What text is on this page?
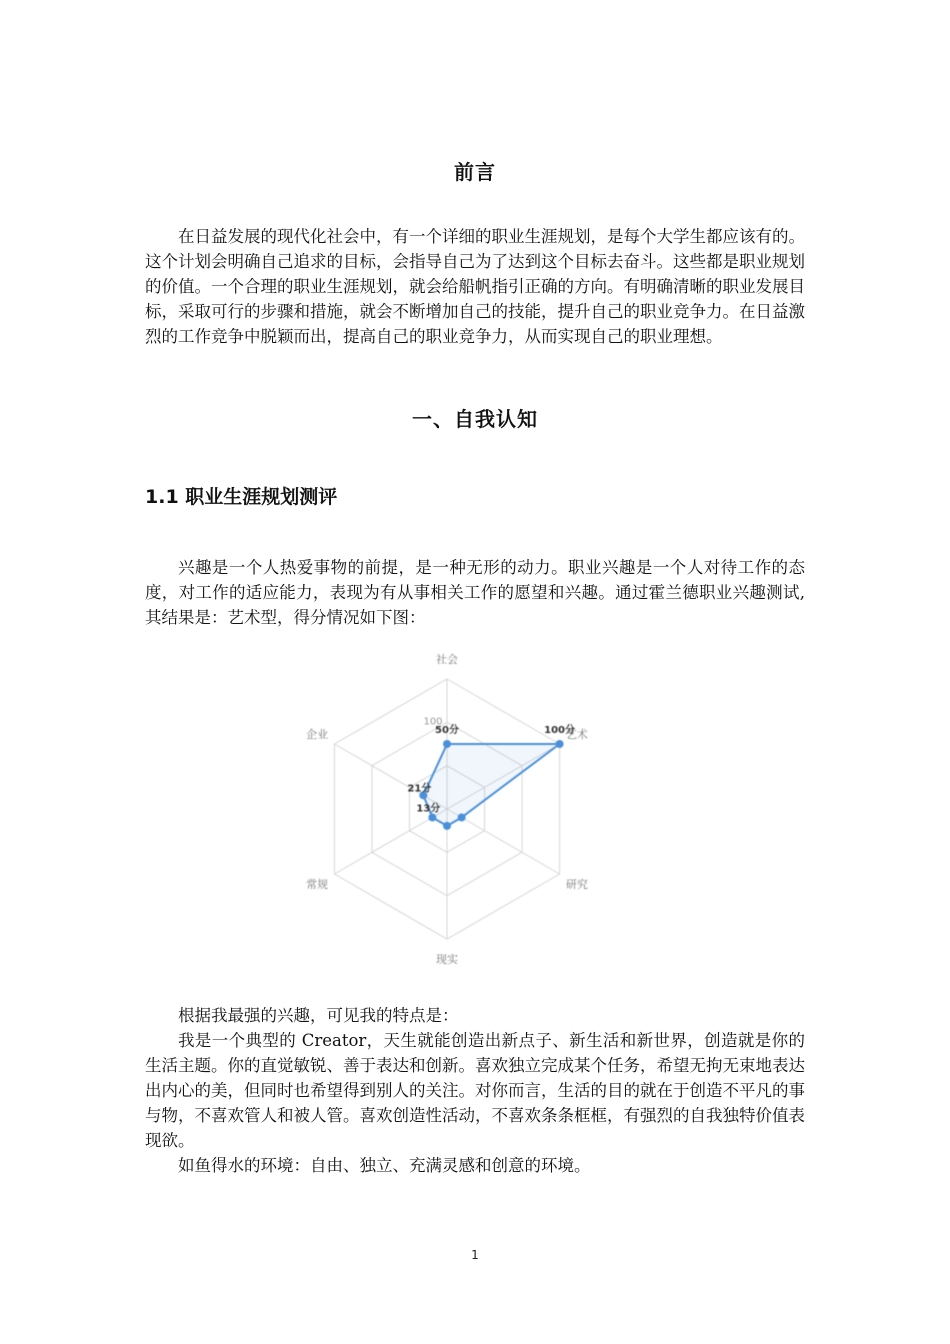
前言

在日益发展的现代化社会中，有一个详细的职业生涯规划，是每个大学生都应该有的。这个计划会明确自己追求的目标，会指导自己为了达到这个目标去奋斗。这些都是职业规划的价值。一个合理的职业生涯规划，就会给船帆指引正确的方向。有明确清晰的职业发展目标，采取可行的步骤和措施，就会不断增加自己的技能，提升自己的职业竞争力。在日益激烈的工作竞争中脱颖而出，提高自己的职业竞争力，从而实现自己的职业理想。

一、自我认知
1.1 职业生涯规划测评

兴趣是一个人热爱事物的前提，是一种无形的动力。职业兴趣是一个人对待工作的态度，对工作的适应能力，表现为有从事相关工作的愿望和兴趣。通过霍兰德职业兴趣测试, 其结果是：艺术型，得分情况如下图：

社会
艺术
研究
现实
常规
企业
100
50分	100分
21分
13分

根据我最强的兴趣，可见我的特点是：

我是一个典型的 Creator，天生就能创造出新点子、新生活和新世界，创造就是你的生活主题。你的直觉敏锐、善于表达和创新。喜欢独立完成某个任务，希望无拘无束地表达出内心的美，但同时也希望得到别人的关注。对你而言，生活的目的就在于创造不平凡的事与物，不喜欢管人和被人管。喜欢创造性活动，不喜欢条条框框，有强烈的自我独特价值表现欲。

如鱼得水的环境：自由、独立、充满灵感和创意的环境。

1
